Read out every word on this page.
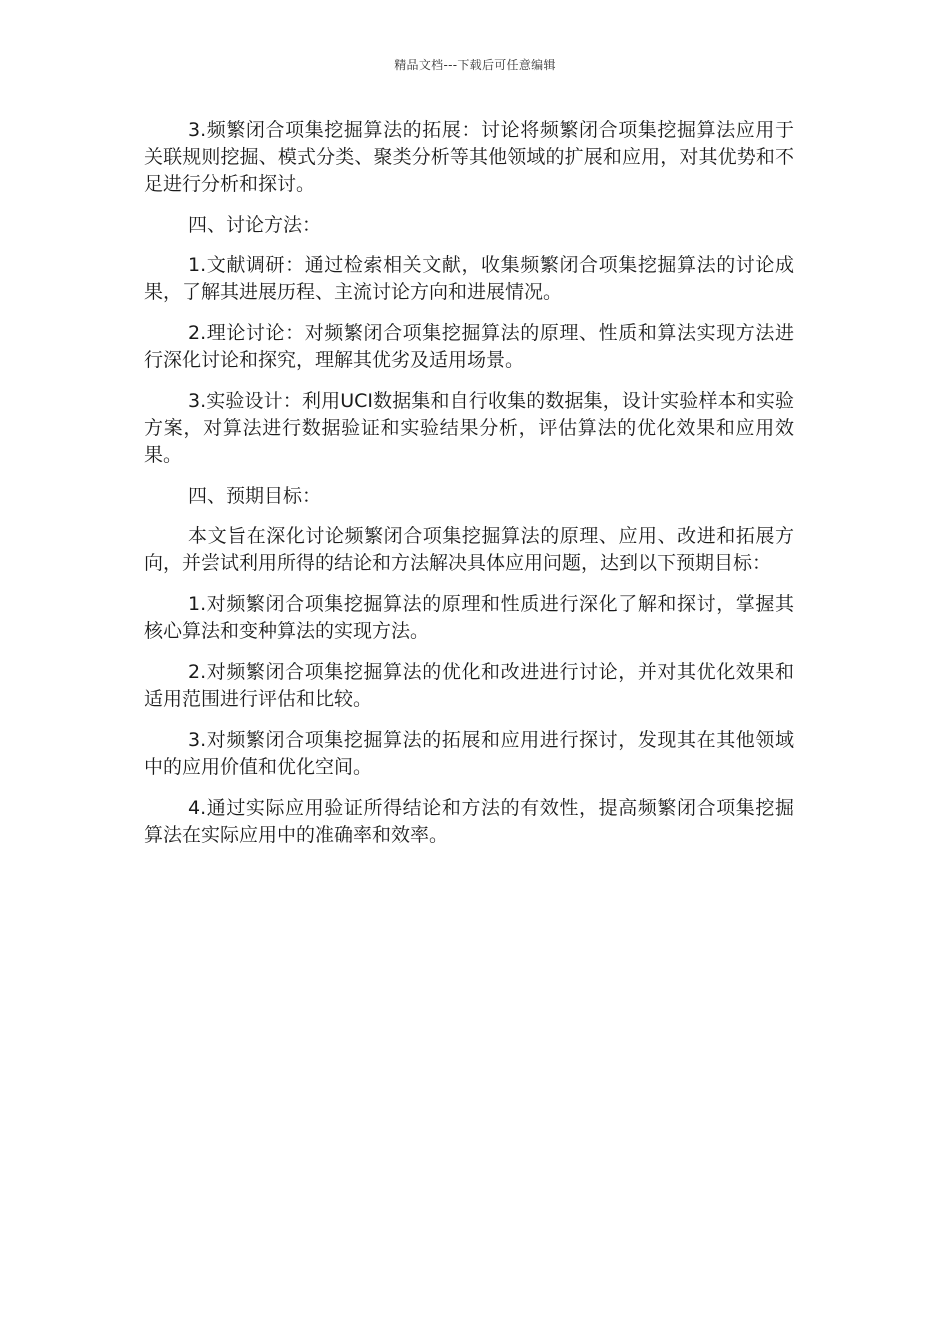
精品文档---下载后可任意编辑

3.频繁闭合项集挖掘算法的拓展：讨论将频繁闭合项集挖掘算法应用于关联规则挖掘、模式分类、聚类分析等其他领域的扩展和应用，对其优势和不足进行分析和探讨。

四、讨论方法：

1.文献调研：通过检索相关文献，收集频繁闭合项集挖掘算法的讨论成果，了解其进展历程、主流讨论方向和进展情况。

2.理论讨论：对频繁闭合项集挖掘算法的原理、性质和算法实现方法进行深化讨论和探究，理解其优劣及适用场景。

3.实验设计：利用UCI数据集和自行收集的数据集，设计实验样本和实验方案，对算法进行数据验证和实验结果分析，评估算法的优化效果和应用效果。

四、预期目标：

本文旨在深化讨论频繁闭合项集挖掘算法的原理、应用、改进和拓展方向，并尝试利用所得的结论和方法解决具体应用问题，达到以下预期目标：

1.对频繁闭合项集挖掘算法的原理和性质进行深化了解和探讨，掌握其核心算法和变种算法的实现方法。

2.对频繁闭合项集挖掘算法的优化和改进进行讨论，并对其优化效果和适用范围进行评估和比较。

3.对频繁闭合项集挖掘算法的拓展和应用进行探讨，发现其在其他领域中的应用价值和优化空间。

4.通过实际应用验证所得结论和方法的有效性，提高频繁闭合项集挖掘算法在实际应用中的准确率和效率。
